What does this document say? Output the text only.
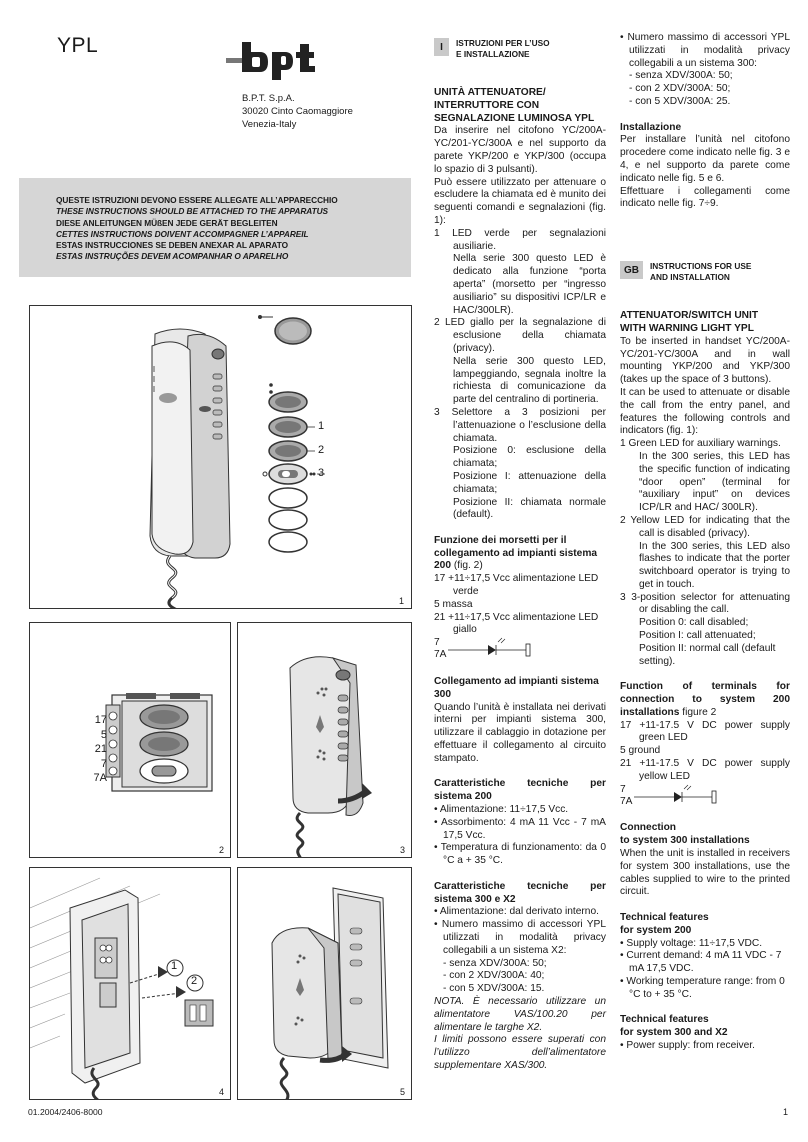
YPL
B.P.T. S.p.A.
30020 Cinto Caomaggiore
Venezia-Italy
QUESTE ISTRUZIONI DEVONO ESSERE ALLEGATE ALL’APPARECCHIO
THESE INSTRUCTIONS SHOULD BE ATTACHED TO THE APPARATUS
DIESE ANLEITUNGEN MÜßEN JEDE GERÄT BEGLEITEN
CETTES INSTRUCTIONS DOIVENT ACCOMPAGNER L’APPAREIL
ESTAS INSTRUCCIONES SE DEBEN ANEXAR AL APARATO
ESTAS INSTRUÇÕES DEVEM ACOMPANHAR O APARELHO
1
2
3
1
17
5
21
7
7A
2	3
1
2
4	5
I	ISTRUZIONI PER L’USO
E INSTALLAZIONE
UNITÀ ATTENUATORE/
INTERRUTTORE CON
SEGNALAZIONE LUMINOSA YPL

Da inserire nel citofono YC/200A-YC/201-YC/300A e nel supporto da parete YKP/200 e YKP/300 (occupa lo spazio di 3 pulsanti).

Può essere utilizzato per attenuare o escludere la chiamata ed è munito dei seguenti comandi e segnalazioni (fig. 1):

1 LED verde per segnalazioni ausiliarie.

Nella serie 300 questo LED è dedicato alla funzione “porta aperta” (morsetto per “ingresso ausiliario” su dispositivi ICP/LR e HAC/300LR).

2 LED giallo per la segnalazione di esclusione della chiamata (privacy).

Nella serie 300 questo LED, lampeggiando, segnala inoltre la richiesta di comunicazione da parte del centralino di portineria.

3 Selettore a 3 posizioni per l’attenuazione o l’esclusione della chiamata.

Posizione 0: esclusione della chiamata;

Posizione I: attenuazione della chiamata;

Posizione II: chiamata normale (default).

Funzione dei morsetti per il collegamento ad impianti sistema 200 (fig. 2)

17 +11÷17,5 Vcc alimentazione LED verde

5 massa

21 +11÷17,5 Vcc alimentazione LED giallo

7
7A

Collegamento ad impianti sistema 300

Quando l’unità è installata nei derivati interni per impianti sistema 300, utilizzare il cablaggio in dotazione per effettuare il collegamento al circuito stampato.

Caratteristiche tecniche per sistema 200

• Alimentazione: 11÷17,5 Vcc.

• Assorbimento: 4 mA 11 Vcc - 7 mA 17,5 Vcc.

• Temperatura di funzionamento: da 0 °C a + 35 °C.

Caratteristiche tecniche per sistema 300 e X2

• Alimentazione: dal derivato interno.

• Numero massimo di accessori YPL utilizzati in modalità privacy collegabili a un sistema X2:

- senza XDV/300A: 50;

- con 2 XDV/300A: 40;

- con 5 XDV/300A: 15.

NOTA. È necessario utilizzare un alimentatore VAS/100.20 per alimentare le targhe X2.

I limiti possono essere superati con l’utilizzo dell’alimentatore supplementare XAS/300.

• Numero massimo di accessori YPL utilizzati in modalità privacy collegabili a un sistema 300:

- senza XDV/300A: 50;

- con 2 XDV/300A: 50;

- con 5 XDV/300A: 25.

Installazione

Per installare l’unità nel citofono procedere come indicato nelle fig. 3 e 4, e nel supporto da parete come indicato nelle fig. 5 e 6.

Effettuare i collegamenti come indicato nelle fig. 7÷9.

GB	INSTRUCTIONS FOR USE
AND INSTALLATION
ATTENUATOR/SWITCH UNIT
WITH WARNING LIGHT YPL

To be inserted in handset YC/200A-YC/201-YC/300A and in wall mounting YKP/200 and YKP/300 (takes up the space of 3 buttons).

It can be used to attenuate or disable the call from the entry panel, and features the following controls and indicators (fig. 1):

1 Green LED for auxiliary warnings.

In the 300 series, this LED has the specific function of indicating “door open” (terminal for “auxiliary input” on devices ICP/LR and HAC/ 300LR).

2 Yellow LED for indicating that the call is disabled (privacy).

In the 300 series, this LED also flashes to indicate that the porter switchboard operator is trying to get in touch.

3 3-position selector for attenuating or disabling the call.

Position 0: call disabled;

Position I: call attenuated;

Position II: normal call (default setting).

Function of terminals for connection to system 200 installations figure 2

17 +11-17.5 V DC power supply green LED

5 ground

21 +11-17.5 V DC power supply yellow LED

7
7A
Connection
to system 300 installations

When the unit is installed in receivers for system 300 installations, use the cables supplied to wire to the printed circuit.

Technical features
for system 200

• Supply voltage: 11÷17,5 VDC.

• Current demand: 4 mA 11 VDC - 7 mA 17,5 VDC.

• Working temperature range: from 0 °C to + 35 °C.

Technical features
for system 300 and X2

• Power supply: from receiver.

01.2004/2406-8000	1
